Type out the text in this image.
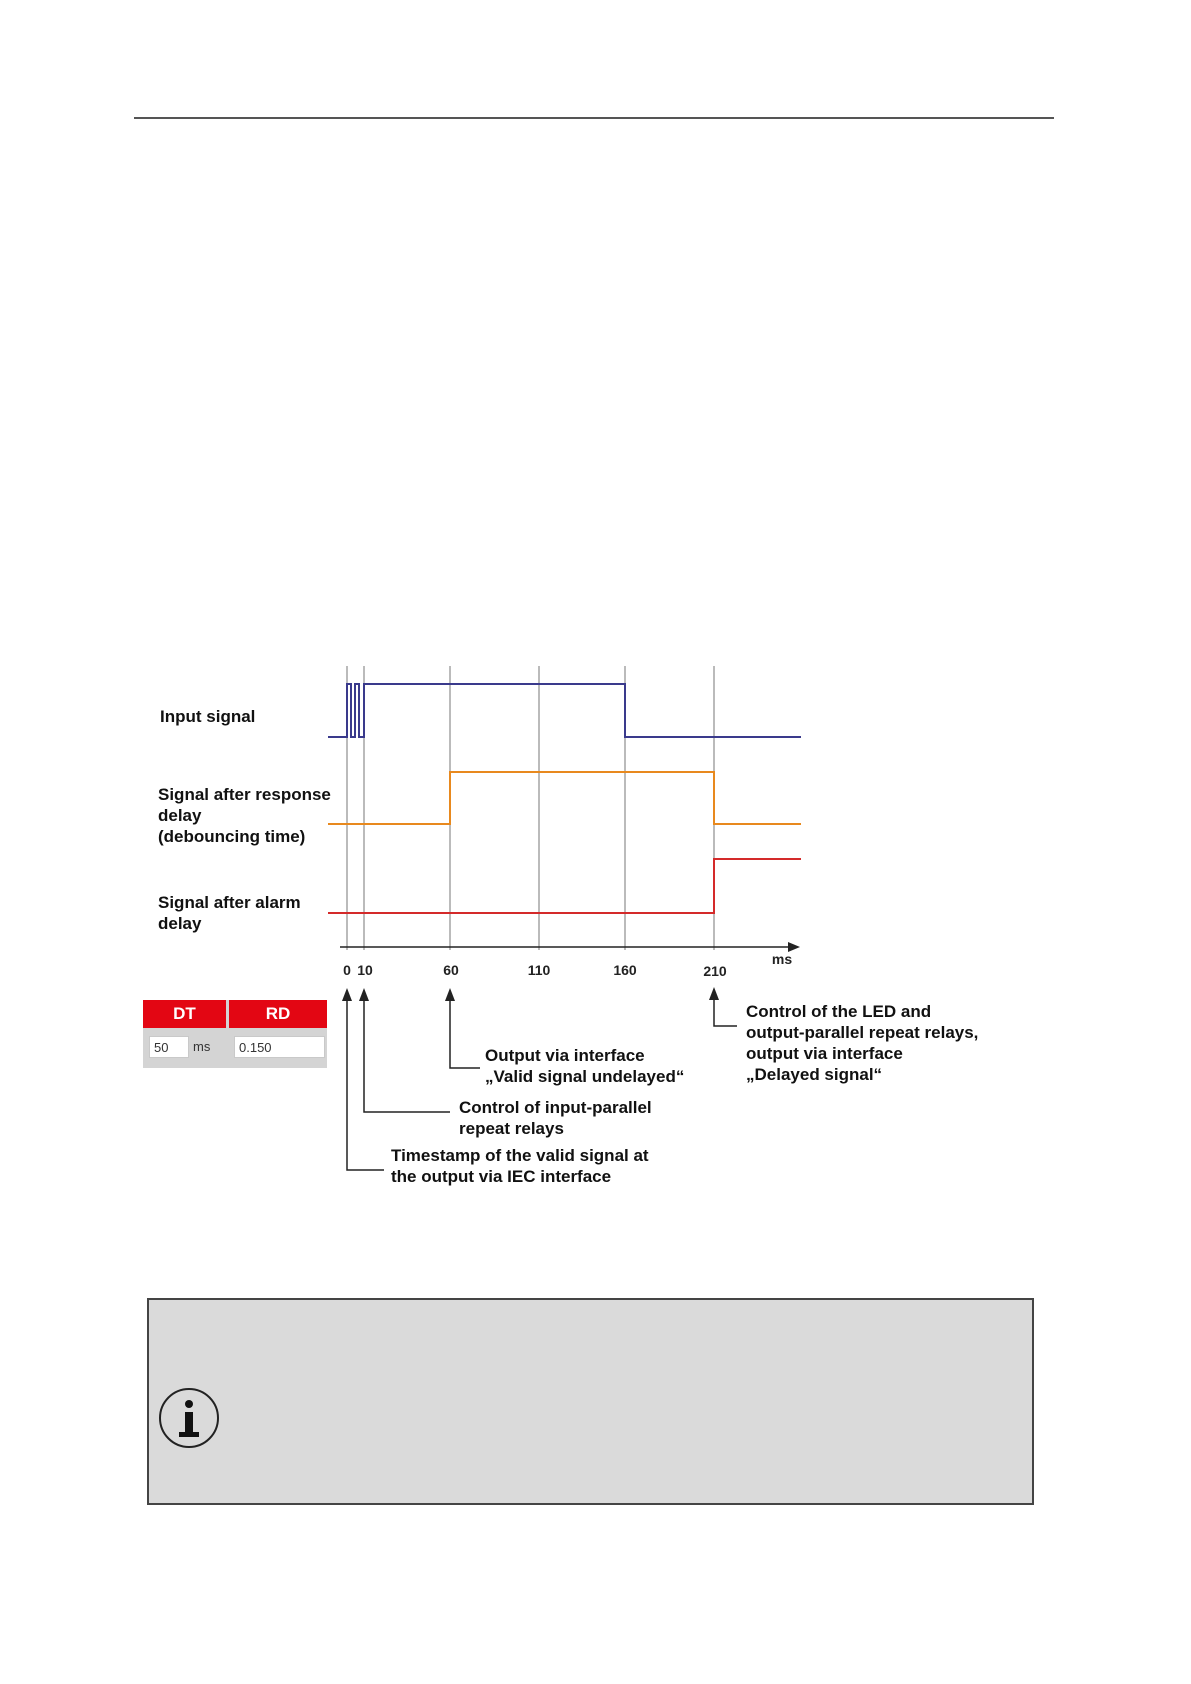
Input signal
Signal after response
delay
(debouncing time)
Signal after alarm
delay
0 10	60	110	160	210
ms
Control of the LED and
output-parallel repeat relays,
output via interface
„Delayed signal“
Output via interface
„Valid signal undelayed“
Control of input-parallel
repeat relays
Timestamp of the valid signal at
the output via IEC interface
DT	RD
50	ms	0.150
